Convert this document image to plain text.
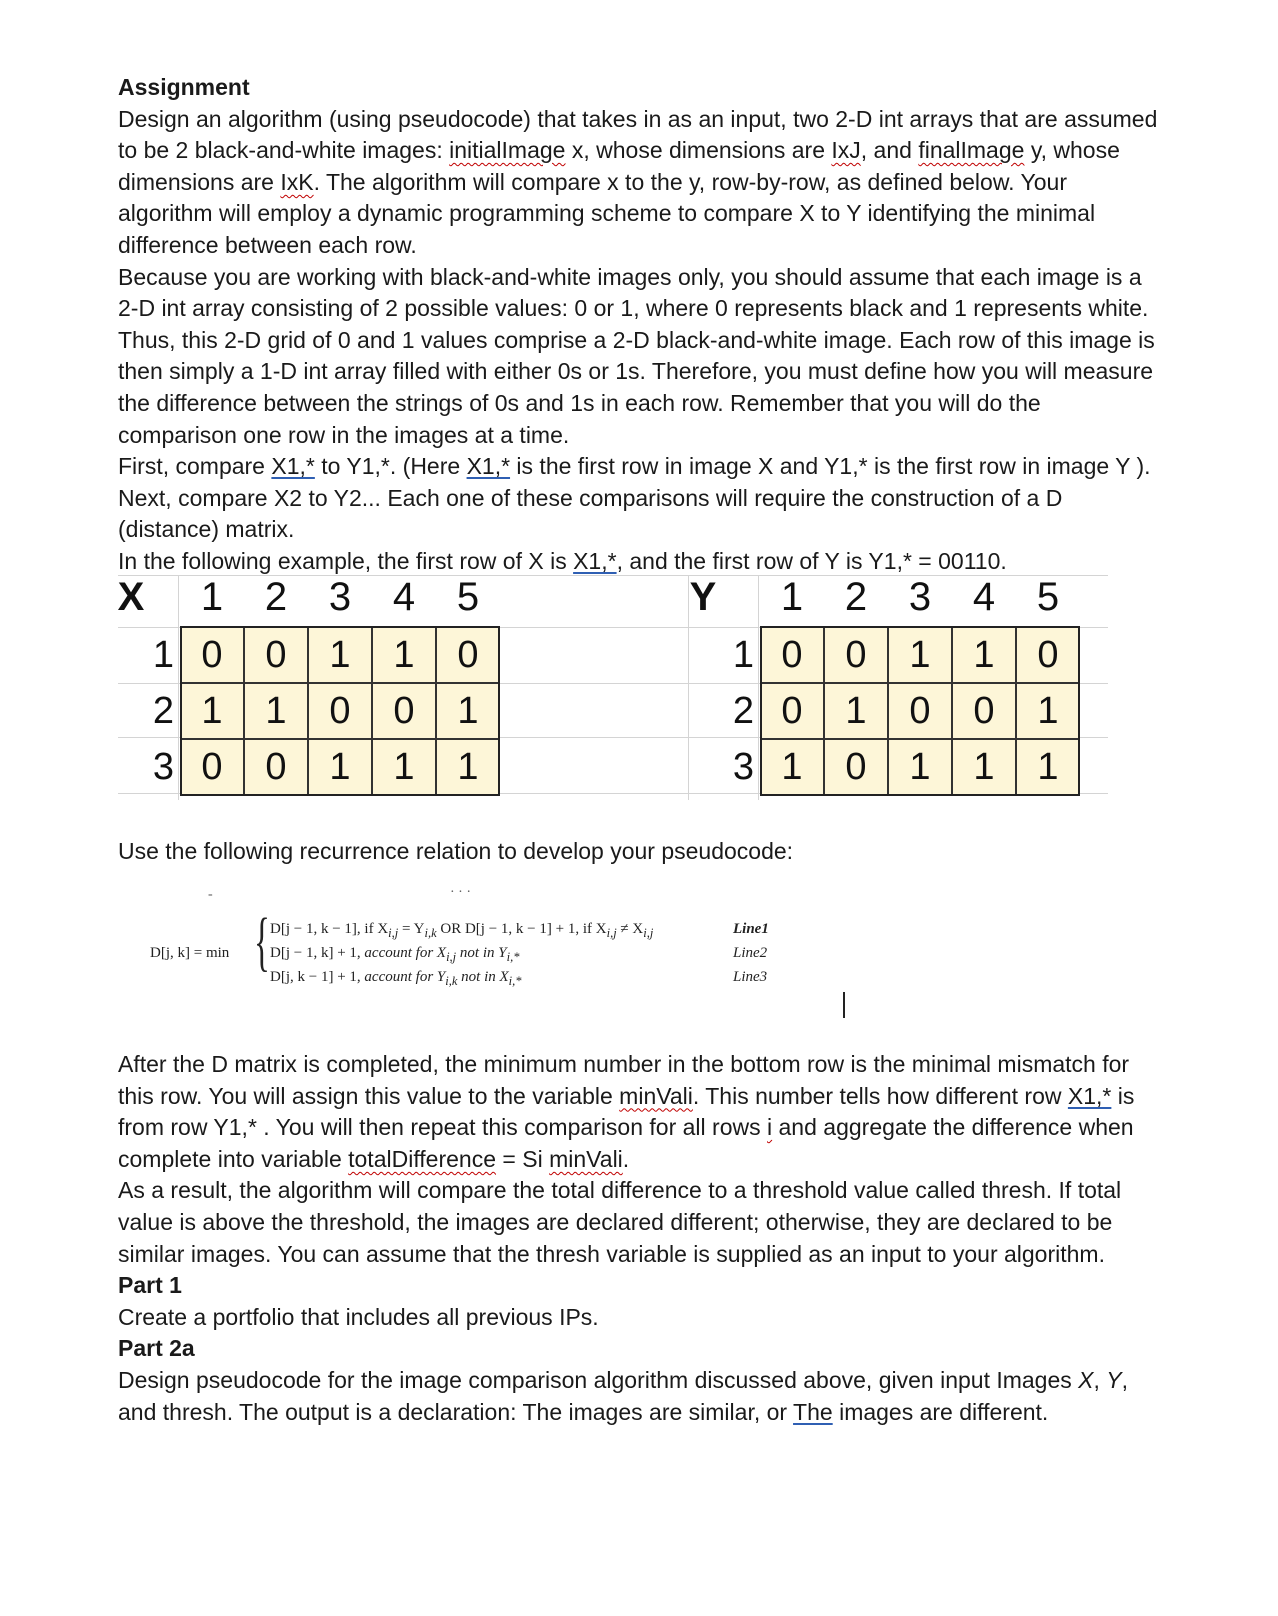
Assignment

Design an algorithm (using pseudocode) that takes in as an input, two 2-D int arrays that are assumed to be 2 black-and-white images: initialImage x, whose dimensions are IxJ, and finalImage y, whose dimensions are IxK. The algorithm will compare x to the y, row-by-row, as defined below. Your algorithm will employ a dynamic programming scheme to compare X to Y identifying the minimal difference between each row.

Because you are working with black-and-white images only, you should assume that each image is a 2-D int array consisting of 2 possible values: 0 or 1, where 0 represents black and 1 represents white. Thus, this 2-D grid of 0 and 1 values comprise a 2-D black-and-white image. Each row of this image is then simply a 1-D int array filled with either 0s or 1s. Therefore, you must define how you will measure the difference between the strings of 0s and 1s in each row. Remember that you will do the comparison one row in the images at a time.

First, compare X1,* to Y1,*. (Here X1,* is the first row in image X and Y1,* is the first row in image Y ). Next, compare X2 to Y2... Each one of these comparisons will require the construction of a D (distance) matrix.

In the following example, the first row of X is X1,*, and the first row of Y is Y1,* = 00110.

X	1	2	3	4	5
1 0	0	1	1	0
2 1	1	0	0	1
3 0	0	1	1	1
Y	1	2	3	4	5
1 0	0	1	1	0
2 0	1	0	0	1
3 1	0	1	1	1
Use the following recurrence relation to develop your pseudocode:
-	· · ·
D[j, k] = min { D[j − 1, k − 1], if $X_{i,j} = Y_{i,k}$ OR D[j − 1, k − 1] + 1, if $X_{i,j} \ne X_{i,j}$
D[j − 1, k] + 1, account for $X_{i,j}$ not in $Y_{i,*}$
D[j, k − 1] + 1, account for $Y_{i,k}$ not in $X_{i,*}$
Line1
Line2
Line3

After the D matrix is completed, the minimum number in the bottom row is the minimal mismatch for this row. You will assign this value to the variable minVali. This number tells how different row X1,* is from row Y1,* . You will then repeat this comparison for all rows i and aggregate the difference when complete into variable totalDifference = Si minVali.

As a result, the algorithm will compare the total difference to a threshold value called thresh. If total value is above the threshold, the images are declared different; otherwise, they are declared to be similar images. You can assume that the thresh variable is supplied as an input to your algorithm.

Part 1

Create a portfolio that includes all previous IPs.

Part 2a

Design pseudocode for the image comparison algorithm discussed above, given input Images X, Y, and thresh. The output is a declaration: The images are similar, or The images are different.
